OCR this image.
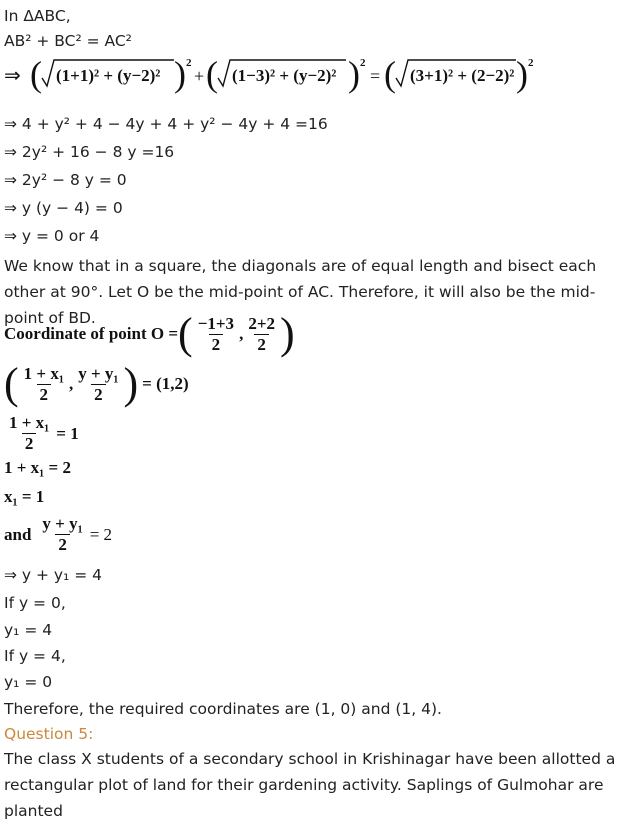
In ΔABC,
AB² + BC² = AC²
⇒ ( (1+1)² + (y−2)² ) 2
+ ( (1−3)² + (y−2)² ) 2
= ( (3+1)² + (2−2)² ) 2
⇒ 4 + y² + 4 − 4y + 4 + y² − 4y + 4 =16
⇒ 2y² + 16 − 8 y =16
⇒ 2y² − 8 y = 0
⇒ y (y − 4) = 0
⇒ y = 0 or 4
We know that in a square, the diagonals are of equal length and bisect each other at 90°. Let O be the mid-point of AC. Therefore, it will also be the mid-point of BD.
Coordinate of point O = ( $\frac{-1+3}{2}$ , $\frac{2+2}{2}$ )
( $\frac{\text{1 + x₁}}{2}$ , $\frac{\text{y + y₁}}{2}$ ) = (1,2)
$\frac{\text{1 + x₁}}{2} = 1$
1 + x₁ = 2
x₁ = 1
and $\frac{\text{y + y₁}}{2} = 2$
⇒ y + y₁ = 4
If y = 0,
y₁ = 4
If y = 4,
y₁ = 0
Therefore, the required coordinates are (1, 0) and (1, 4).
Question 5:
The class X students of a secondary school in Krishinagar have been allotted a rectangular plot of land for their gardening activity. Saplings of Gulmohar are planted
